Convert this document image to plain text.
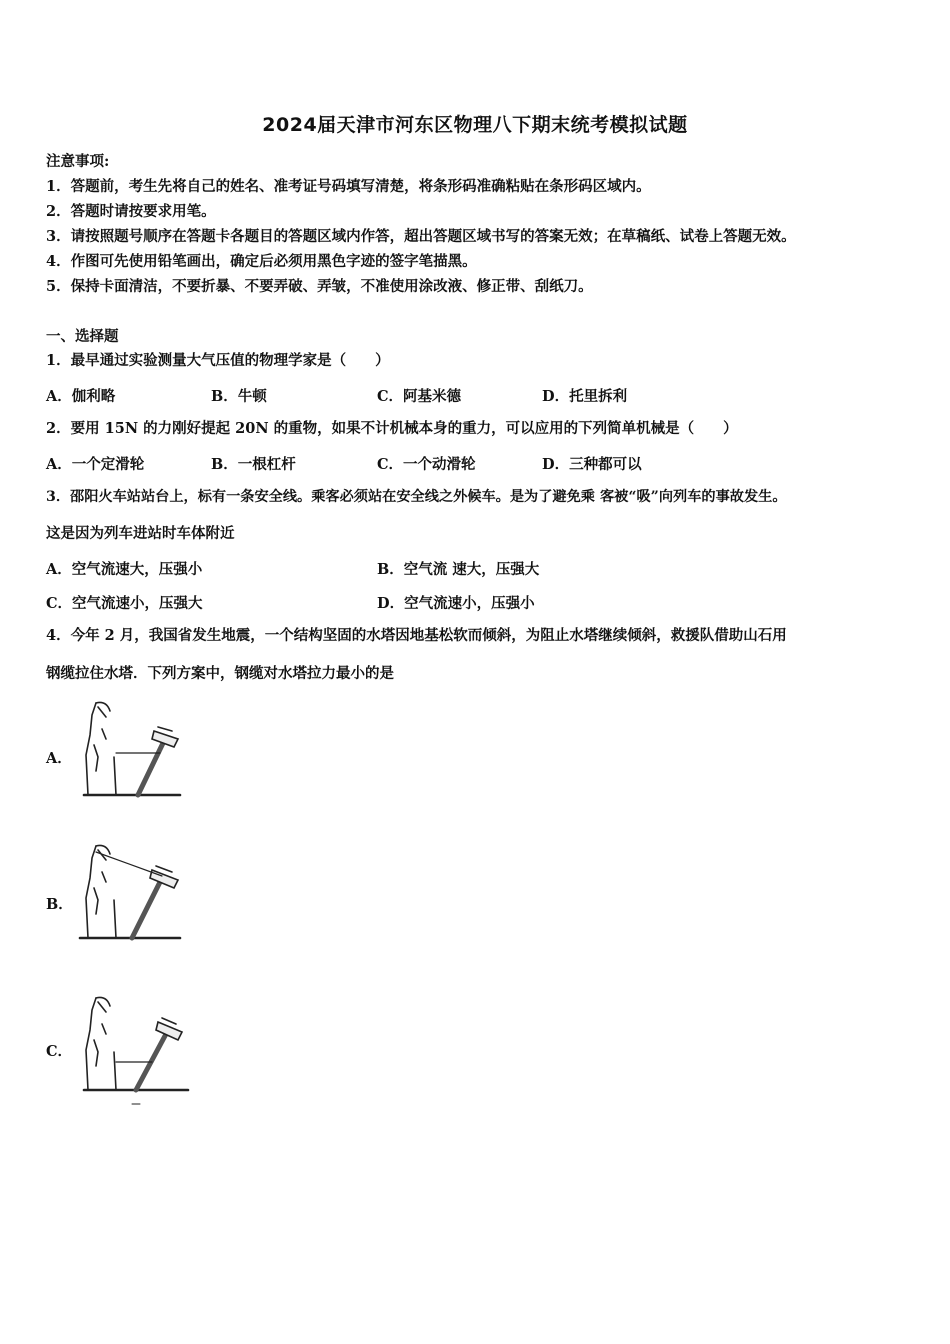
2024届天津市河东区物理八下期末统考模拟试题
注意事项:
1．答题前，考生先将自己的姓名、准考证号码填写清楚，将条形码准确粘贴在条形码区域内。
2．答题时请按要求用笔。
3．请按照题号顺序在答题卡各题目的答题区域内作答，超出答题区域书写的答案无效；在草稿纸、试卷上答题无效。
4．作图可先使用铅笔画出，确定后必须用黑色字迹的签字笔描黑。
5．保持卡面清洁，不要折暴、不要弄破、弄皱，不准使用涂改液、修正带、刮纸刀。
一、选择题
1．最早通过实验测量大气压值的物理学家是（　　）
A．伽利略	B．牛顿	C．阿基米德	D．托里拆利
2．要用 15N 的力刚好提起 20N 的重物，如果不计机械本身的重力，可以应用的下列简单机械是（　　）
A．一个定滑轮	B．一根杠杆	C．一个动滑轮	D．三种都可以
3．邵阳火车站站台上，标有一条安全线。乘客必须站在安全线之外候车。是为了避免乘 客被“吸”向列车的事故发生。
这是因为列车进站时车体附近
A．空气流速大，压强小	B．空气流 速大，压强大
C．空气流速小，压强大	D．空气流速小，压强小
4．今年 2 月，我国省发生地震，一个结构坚固的水塔因地基松软而倾斜，为阻止水塔继续倾斜，救援队借助山石用
钢缆拉住水塔．下列方案中，钢缆对水塔拉力最小的是
A．
B．
C．
